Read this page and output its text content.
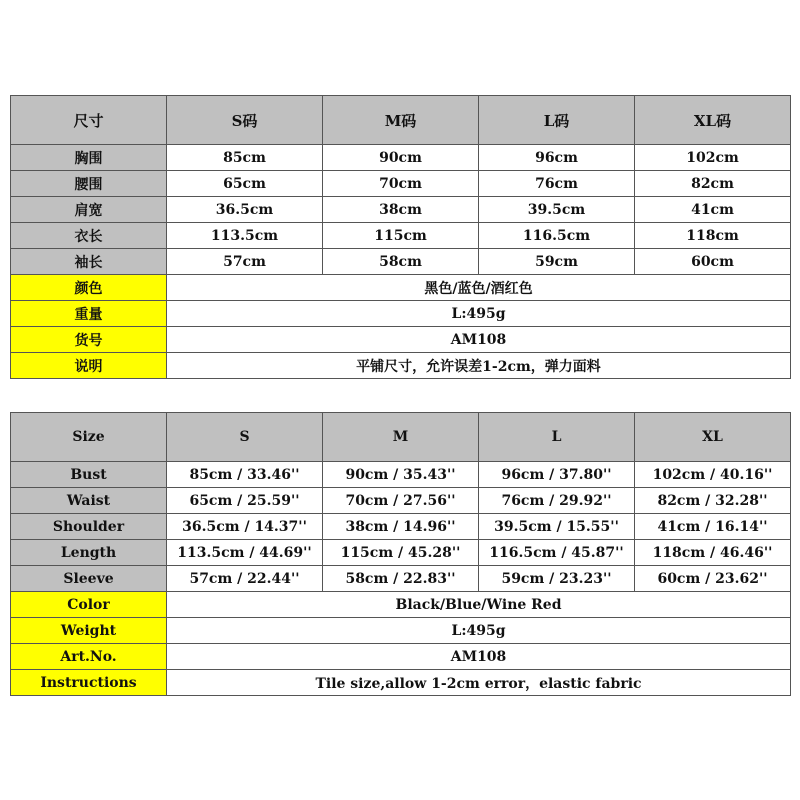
尺寸	S码	M码	L码	XL码
胸围	85cm	90cm	96cm	102cm
腰围	65cm	70cm	76cm	82cm
肩宽	36.5cm	38cm	39.5cm	41cm
衣长	113.5cm	115cm	116.5cm	118cm
袖长	57cm	58cm	59cm	60cm
颜色	黑色/蓝色/酒红色			
重量	L:495g			
货号	AM108			
说明	平铺尺寸，允许误差1-2cm，弹力面料			
Size	S	M	L	XL
Bust	85cm / 33.46''	90cm / 35.43''	96cm / 37.80''	102cm / 40.16''
Waist	65cm / 25.59''	70cm / 27.56''	76cm / 29.92''	82cm / 32.28''
Shoulder	36.5cm / 14.37''	38cm / 14.96''	39.5cm / 15.55''	41cm / 16.14''
Length	113.5cm / 44.69''	115cm / 45.28''	116.5cm / 45.87''	118cm / 46.46''
Sleeve	57cm / 22.44''	58cm / 22.83''	59cm / 23.23''	60cm / 23.62''
Color	Black/Blue/Wine Red			
Weight	L:495g			
Art.No.	AM108			
Instructions	Tile size,allow 1-2cm error，elastic fabric			
